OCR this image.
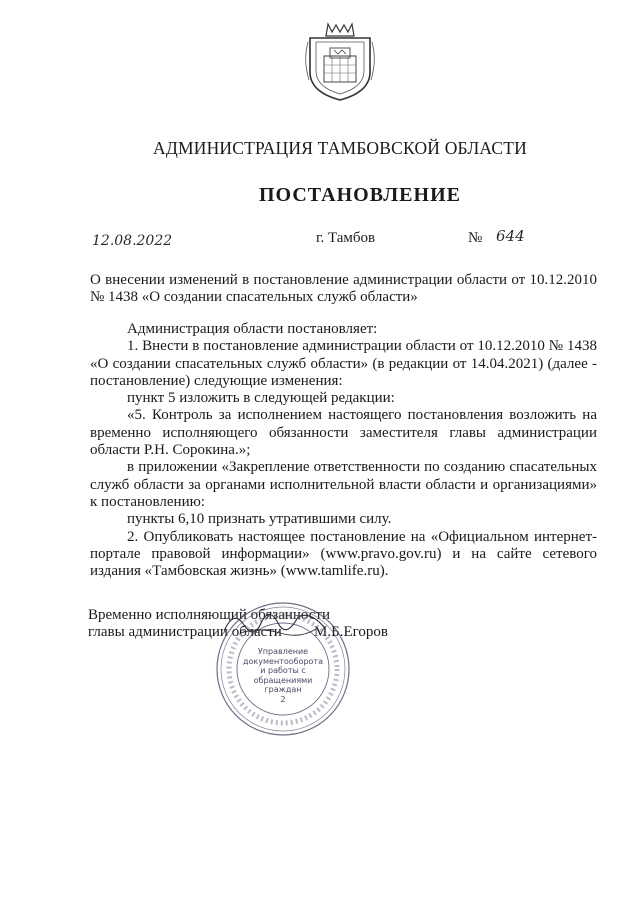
АДМИНИСТРАЦИЯ ТАМБОВСКОЙ ОБЛАСТИ
ПОСТАНОВЛЕНИЕ
12.08.2022	г. Тамбов	№ 644
О внесении изменений в постановление администрации области от 10.12.2010 № 1438 «О создании спасательных служб области»

Администрация области постановляет:

1. Внести в постановление администрации области от 10.12.2010 № 1438 «О создании спасательных служб области» (в редакции от 14.04.2021) (далее - постановление) следующие изменения:

пункт 5 изложить в следующей редакции:

«5. Контроль за исполнением настоящего постановления возложить на временно исполняющего обязанности заместителя главы администрации области Р.Н. Сорокина.»;

в приложении «Закрепление ответственности по созданию спасательных служб области за органами исполнительной власти области и организациями» к постановлению:

пункты 6,10 признать утратившими силу.

2. Опубликовать настоящее постановление на «Официальном интернет-портале правовой информации» (www.pravo.gov.ru) и на сайте сетевого издания «Тамбовская жизнь» (www.tamlife.ru).

Временно исполняющий обязанности
главы администрации области	М.Б.Егоров
Управление документооборота и работы с обращениями граждан
2
